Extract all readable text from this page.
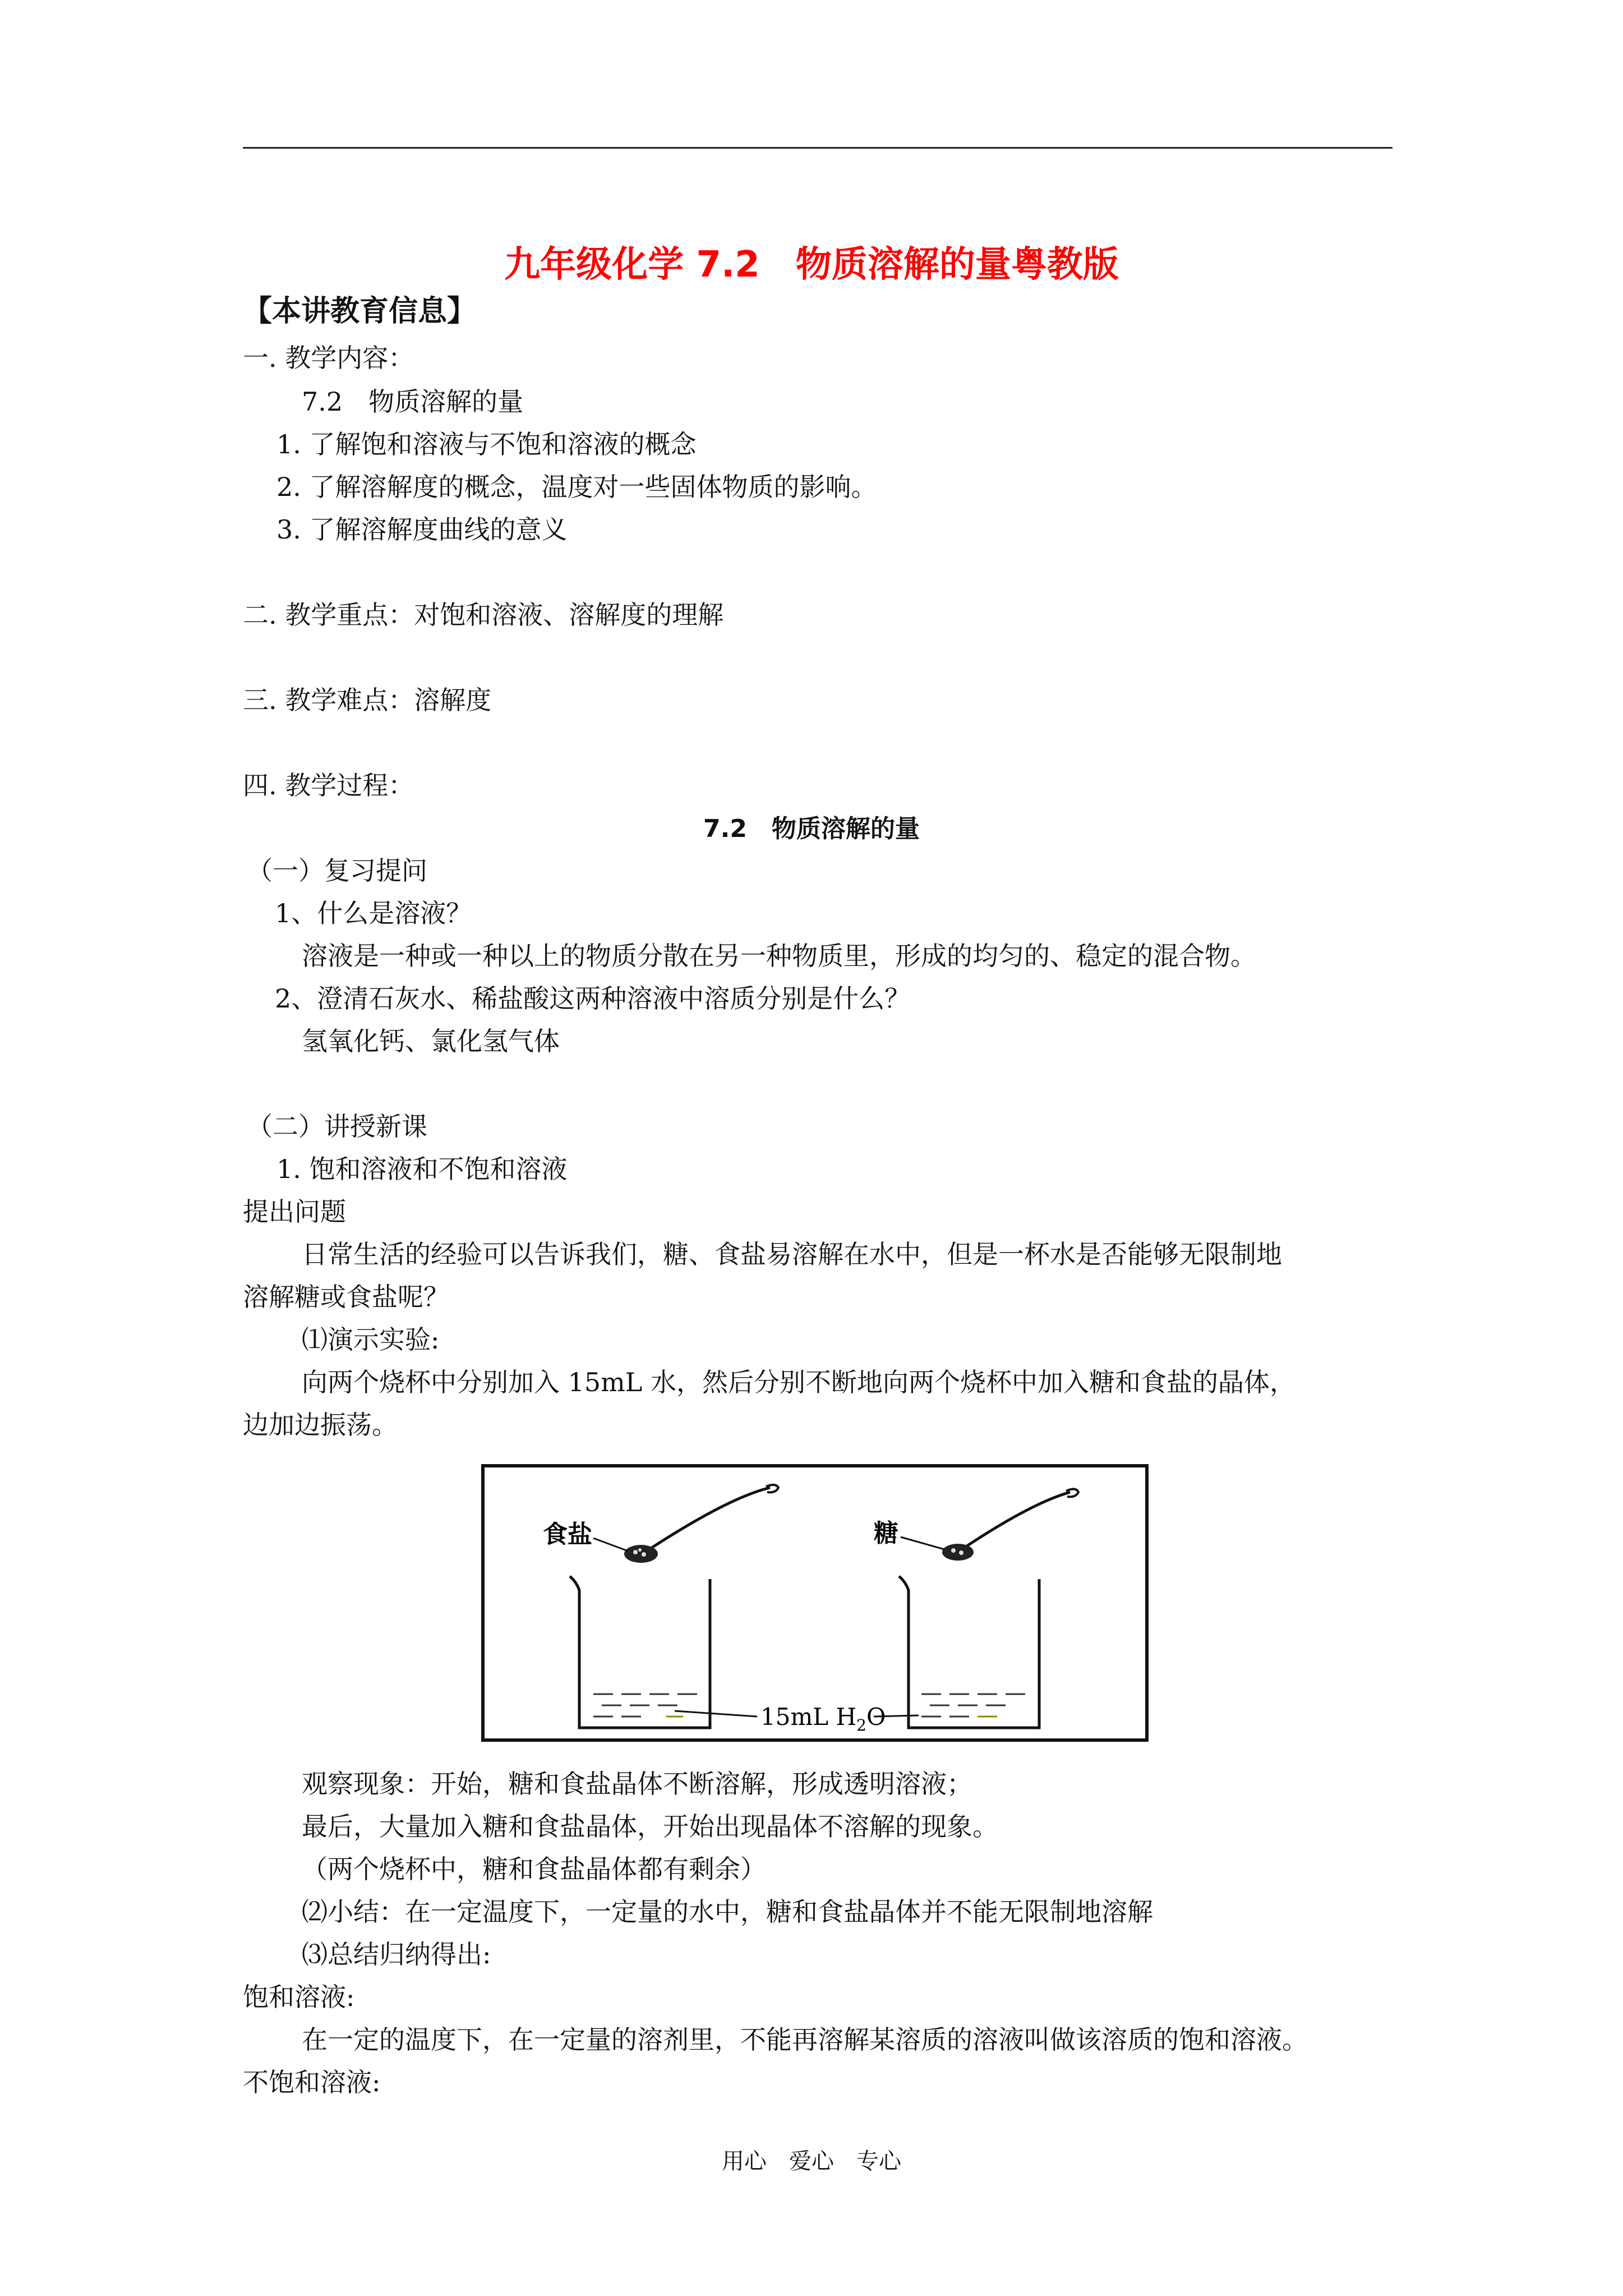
九年级化学 7.2　物质溶解的量粤教版
【本讲教育信息】
一. 教学内容：
7.2　物质溶解的量
1. 了解饱和溶液与不饱和溶液的概念
2. 了解溶解度的概念，温度对一些固体物质的影响。
3. 了解溶解度曲线的意义
二. 教学重点：对饱和溶液、溶解度的理解
三. 教学难点：溶解度
四. 教学过程：
7.2　物质溶解的量
（一）复习提问
1、什么是溶液？
溶液是一种或一种以上的物质分散在另一种物质里，形成的均匀的、稳定的混合物。
2、澄清石灰水、稀盐酸这两种溶液中溶质分别是什么？
氢氧化钙、氯化氢气体
（二）讲授新课
1. 饱和溶液和不饱和溶液
提出问题
日常生活的经验可以告诉我们，糖、食盐易溶解在水中，但是一杯水是否能够无限制地
溶解糖或食盐呢？
⑴演示实验:
向两个烧杯中分别加入 15mL 水，然后分别不断地向两个烧杯中加入糖和食盐的晶体，
边加边振荡。
食盐	糖
15mL $H_2O$
观察现象：开始，糖和食盐晶体不断溶解，形成透明溶液；
最后，大量加入糖和食盐晶体，开始出现晶体不溶解的现象。
（两个烧杯中，糖和食盐晶体都有剩余）
⑵小结：在一定温度下，一定量的水中，糖和食盐晶体并不能无限制地溶解
⑶总结归纳得出:
饱和溶液:
在一定的温度下，在一定量的溶剂里，不能再溶解某溶质的溶液叫做该溶质的饱和溶液。
不饱和溶液:
用心　爱心　专心
